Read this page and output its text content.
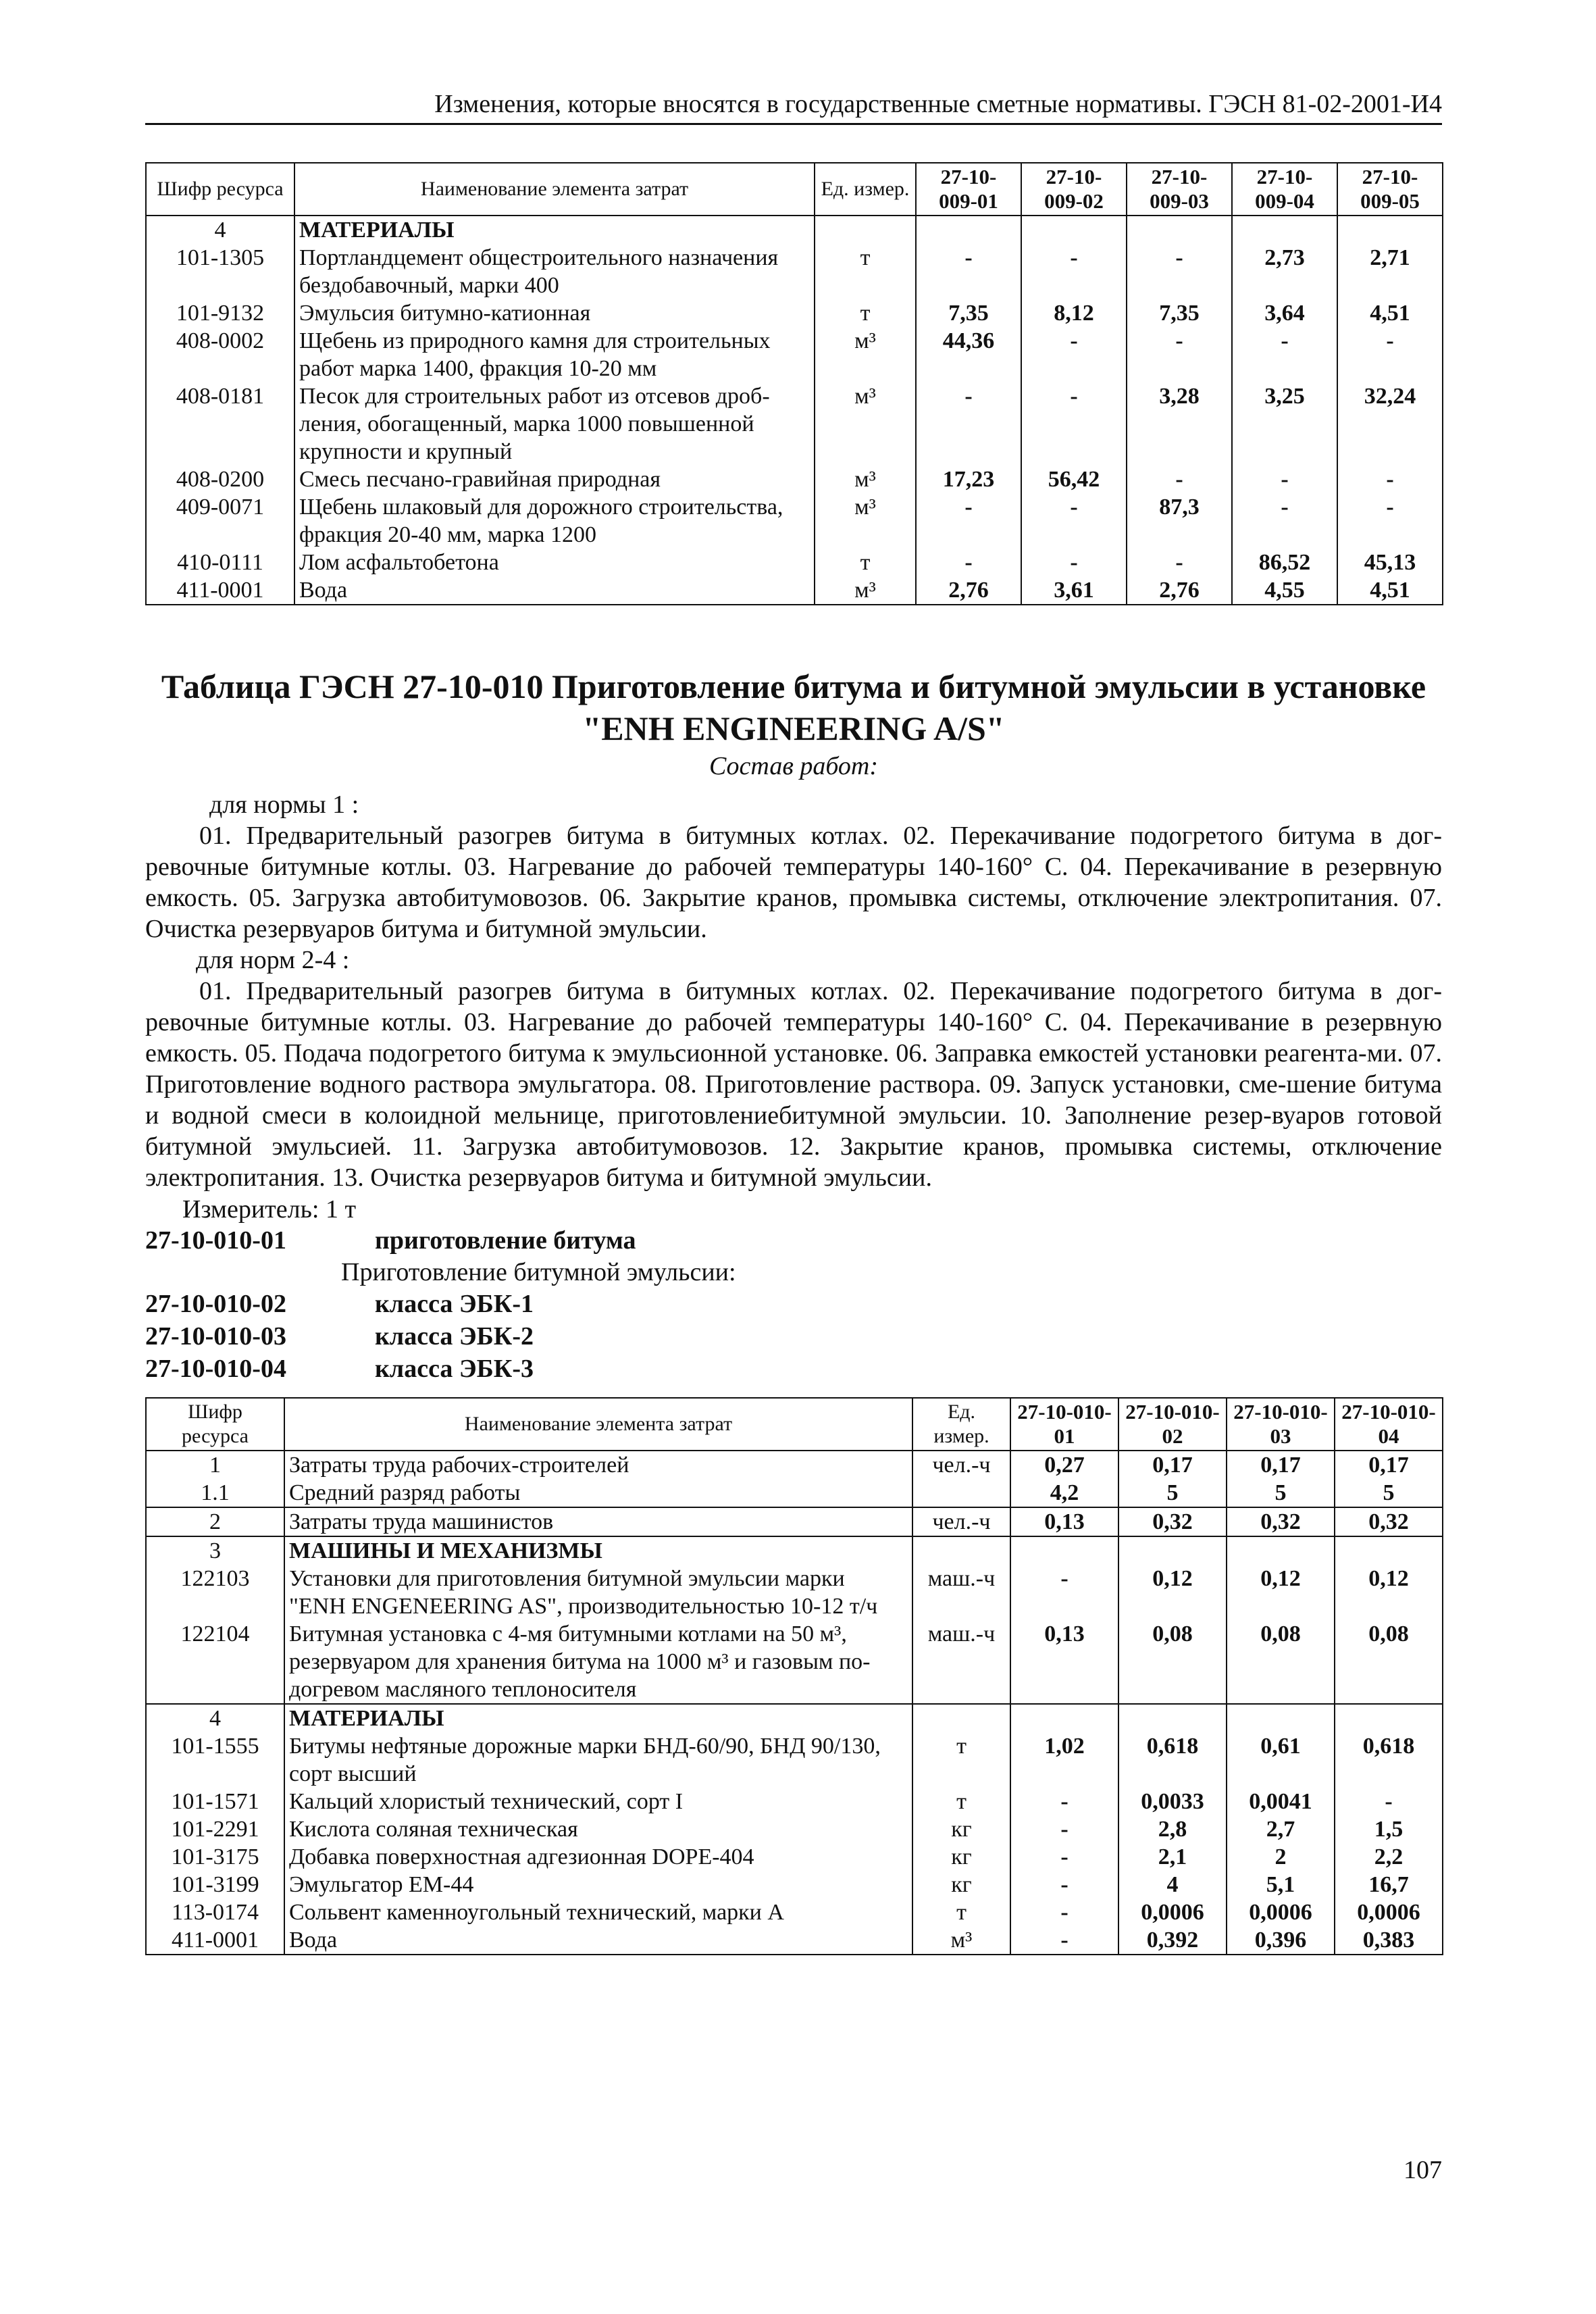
Изменения, которые вносятся в государственные сметные нормативы. ГЭСН 81-02-2001-И4
Шифр ресурса	Наименование элемента затрат	Ед. измер.	27-10-009-01	27-10-009-02	27-10-009-03	27-10-009-04	27-10-009-05
4	МАТЕРИАЛЫ						
101-1305	Портландцемент общестроительного назначения бездобавочный, марки 400	т	-	-	-	2,73	2,71
101-9132	Эмульсия битумно-катионная	т	7,35	8,12	7,35	3,64	4,51
408-0002	Щебень из природного камня для строительных работ марка 1400, фракция 10-20 мм	м³	44,36	-	-	-	-
408-0181	Песок для строительных работ из отсевов дроб-ления, обогащенный, марка 1000 повышенной крупности и крупный	м³	-	-	3,28	3,25	32,24
408-0200	Смесь песчано-гравийная природная	м³	17,23	56,42	-	-	-
409-0071	Щебень шлаковый для дорожного строительства, фракция 20-40 мм, марка 1200	м³	-	-	87,3	-	-
410-0111	Лом асфальтобетона	т	-	-	-	86,52	45,13
411-0001	Вода	м³	2,76	3,61	2,76	4,55	4,51
Таблица ГЭСН 27-10-010 Приготовление битума и битумной эмульсии в установке
"ENH ENGINEERING A/S"
Состав работ:
для нормы 1 :
01. Предварительный разогрев битума в битумных котлах. 02. Перекачивание подогретого битума в дог-ревочные битумные котлы. 03. Нагревание до рабочей температуры 140-160° С. 04. Перекачивание в резервную емкость. 05. Загрузка автобитумовозов. 06. Закрытие кранов, промывка системы, отключение электропитания. 07. Очистка резервуаров битума и битумной эмульсии.
для норм 2-4 :
01. Предварительный разогрев битума в битумных котлах. 02. Перекачивание подогретого битума в дог-ревочные битумные котлы. 03. Нагревание до рабочей температуры 140-160° С. 04. Перекачивание в резервную емкость. 05. Подача подогретого битума к эмульсионной установке. 06. Заправка емкостей установки реагента-ми. 07. Приготовление водного раствора эмульгатора. 08. Приготовление раствора. 09. Запуск установки, сме-шение битума и водной смеси в колоидной мельнице, приготовлениебитумной эмульсии. 10. Заполнение резер-вуаров готовой битумной эмульсией. 11. Загрузка автобитумовозов. 12. Закрытие кранов, промывка системы, отключение электропитания. 13. Очистка резервуаров битума и битумной эмульсии.
Измеритель: 1 т
27-10-010-01	приготовление битума
Приготовление битумной эмульсии:
27-10-010-02	класса ЭБК-1
27-10-010-03	класса ЭБК-2
27-10-010-04	класса ЭБК-3
Шифр ресурса	Наименование элемента затрат	Ед. измер.	27-10-010-01	27-10-010-02	27-10-010-03	27-10-010-04
1	Затраты труда рабочих-строителей	чел.-ч	0,27	0,17	0,17	0,17
1.1	Средний разряд работы		4,2	5	5	5
2	Затраты труда машинистов	чел.-ч	0,13	0,32	0,32	0,32
3	МАШИНЫ И МЕХАНИЗМЫ					
122103	Установки для приготовления битумной эмульсии марки "ENH ENGENEERING AS", производительностью 10-12 т/ч	маш.-ч	-	0,12	0,12	0,12
122104	Битумная установка с 4-мя битумными котлами на 50 м³, резервуаром для хранения битума на 1000 м³ и газовым по-догревом масляного теплоносителя	маш.-ч	0,13	0,08	0,08	0,08
4	МАТЕРИАЛЫ					
101-1555	Битумы нефтяные дорожные марки БНД-60/90, БНД 90/130, сорт высший	т	1,02	0,618	0,61	0,618
101-1571	Кальций хлористый технический, сорт I	т	-	0,0033	0,0041	-
101-2291	Кислота соляная техническая	кг	-	2,8	2,7	1,5
101-3175	Добавка поверхностная адгезионная DOPE-404	кг	-	2,1	2	2,2
101-3199	Эмульгатор ЕМ-44	кг	-	4	5,1	16,7
113-0174	Сольвент каменноугольный технический, марки А	т	-	0,0006	0,0006	0,0006
411-0001	Вода	м³	-	0,392	0,396	0,383
107
